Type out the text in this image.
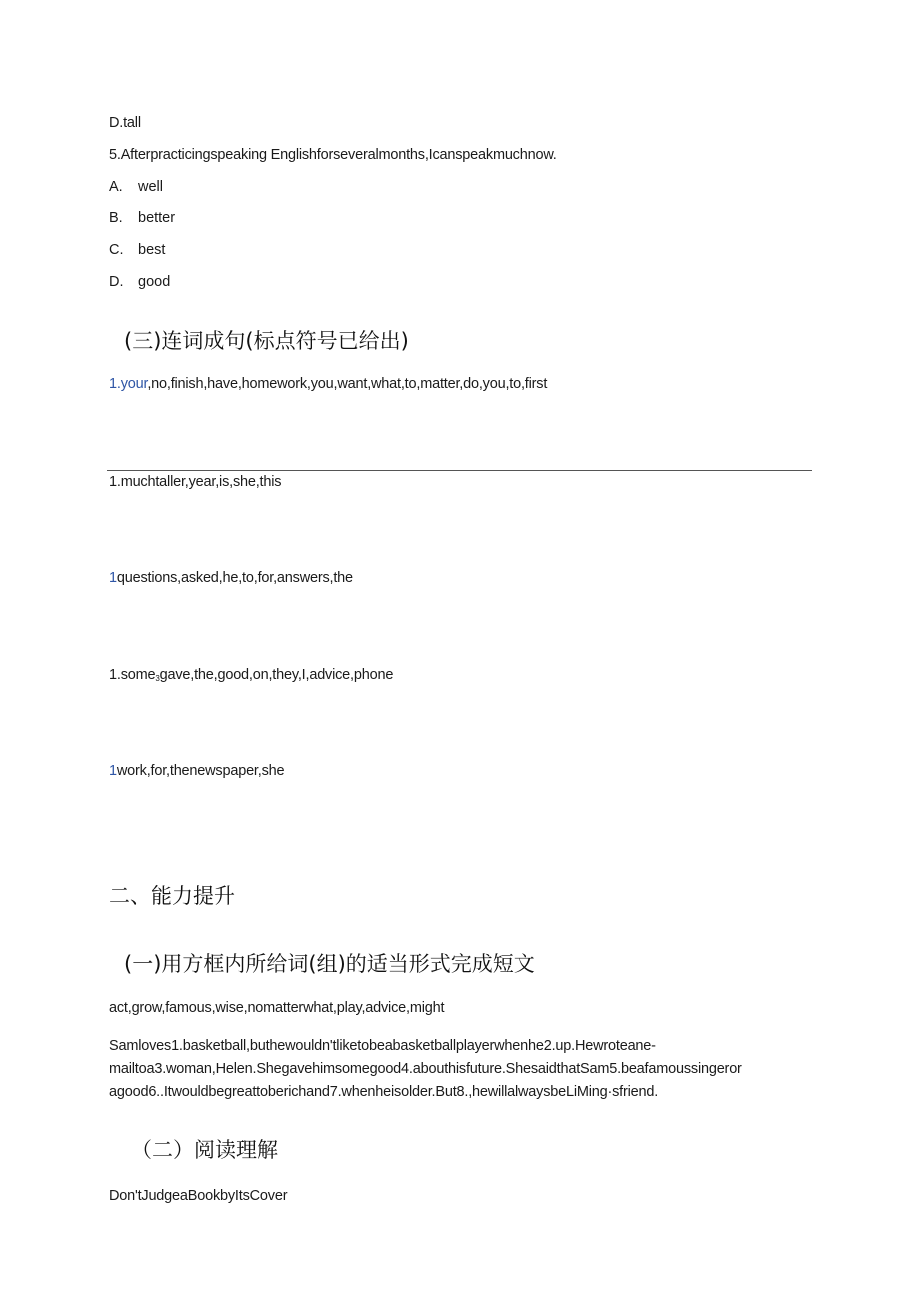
D.tall
5.Afterpracticingspeaking Englishforseveralmonths,Icanspeakmuchnow.
A. well
B. better
C. best
D. good
(三)连词成句(标点符号已给出)
1.your,no,finish,have,homework,you,want,what,to,matter,do,you,to,first
1.muchtaller,year,is,she,this
1questions,asked,he,to,for,answers,the
1.some$_3$gave,the,good,on,they,I,advice,phone
1work,for,thenewspaper,she
二、能力提升
(一)用方框内所给词(组)的适当形式完成短文
act,grow,famous,wise,nomatterwhat,play,advice,might
Samloves1.basketball,buthewouldn'tliketobeabasketballplayerwhenhe2.up.Hewroteane-
mailtoa3.woman,Helen.Shegavehimsomegood4.abouthisfuture.ShesaidthatSam5.beafamoussingeror
agood6..Itwouldbegreattoberichand7.whenheisolder.But8.,hewillalwaysbeLiMing·sfriend.
（二）阅读理解
Don'tJudgeaBookbyItsCover
